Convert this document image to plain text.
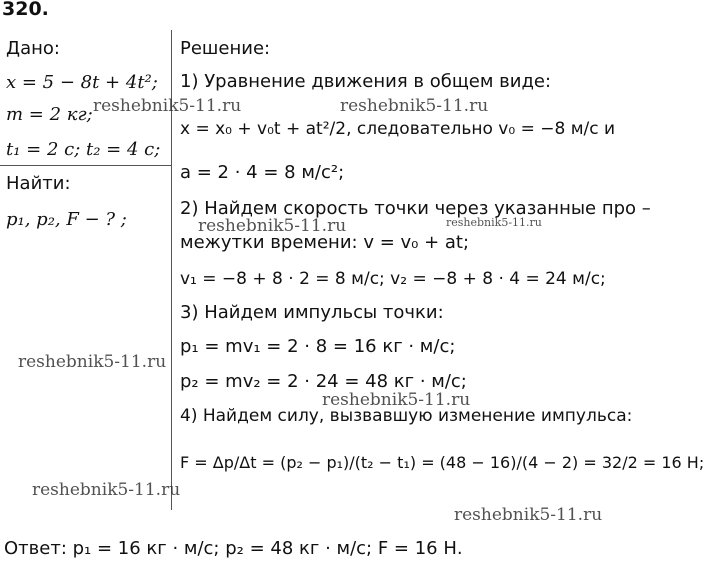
320.
Дано:
x = 5 − 8t + 4t²;
m = 2 кг;
t₁ = 2 с; t₂ = 4 с;
Найти:
p₁, p₂, F − ? ;
Решение:
1) Уравнение движения в общем виде:
x = x₀ + v₀t + at²/2, следовательно v₀ = −8 м/с и
a = 2 · 4 = 8 м/с²;
2) Найдем скорость точки через указанные про –
межутки времени: v = v₀ + at;
v₁ = −8 + 8 · 2 = 8 м/с; v₂ = −8 + 8 · 4 = 24 м/с;
3) Найдем импульсы точки:
p₁ = mv₁ = 2 · 8 = 16 кг · м/с;
p₂ = mv₂ = 2 · 24 = 48 кг · м/с;
4) Найдем силу, вызвавшую изменение импульса:
F = Δp/Δt = (p₂ − p₁)/(t₂ − t₁) = (48 − 16)/(4 − 2) = 32/2 = 16 Н;
Ответ: p₁ = 16 кг · м/с; p₂ = 48 кг · м/с; F = 16 Н.
reshebnik5-11.ru	reshebnik5-11.ru
reshebnik5-11.ru	reshebnik5-11.ru
reshebnik5-11.ru
reshebnik5-11.ru
reshebnik5-11.ru
reshebnik5-11.ru
